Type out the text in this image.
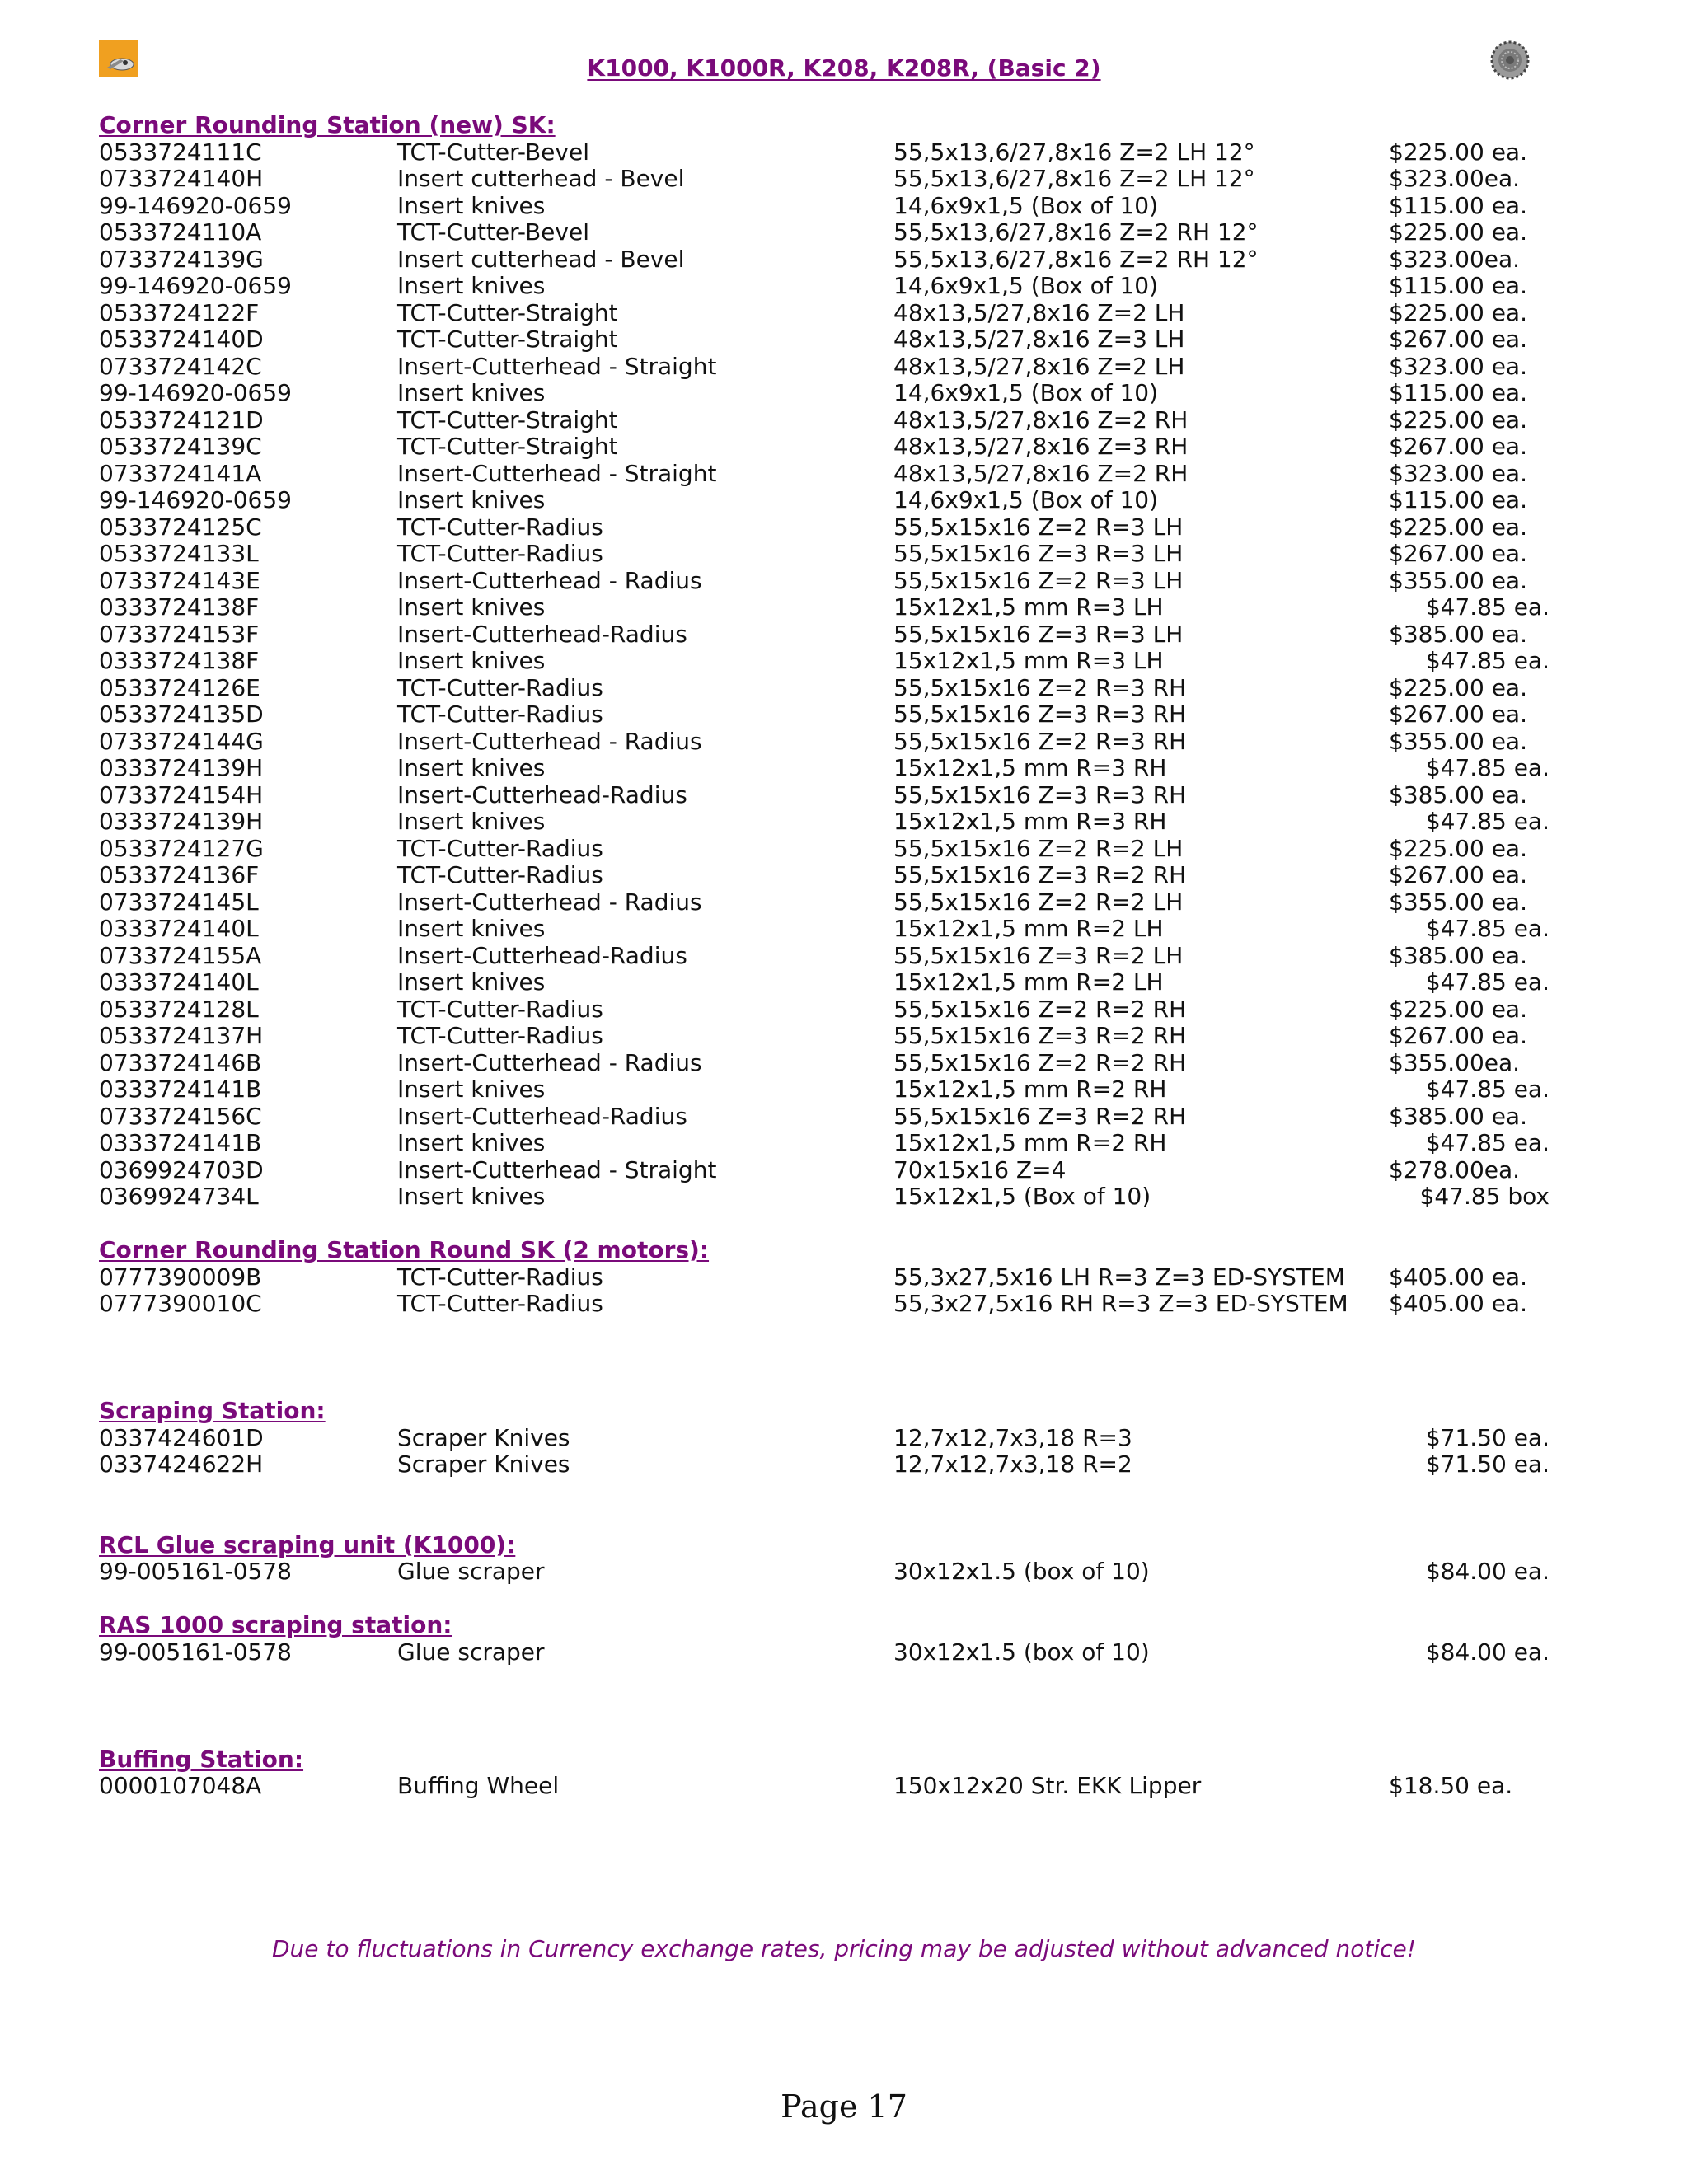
K1000, K1000R, K208, K208R, (Basic 2)
Corner Rounding Station (new) SK:
0533724111C	TCT-Cutter-Bevel	55,5x13,6/27,8x16 Z=2 LH 12°	$225.00 ea.
0733724140H	Insert cutterhead - Bevel	55,5x13,6/27,8x16 Z=2 LH 12°	$323.00ea.
99-146920-0659	Insert knives	14,6x9x1,5 (Box of 10)	$115.00 ea.
0533724110A	TCT-Cutter-Bevel	55,5x13,6/27,8x16 Z=2 RH 12°	$225.00 ea.
0733724139G	Insert cutterhead - Bevel	55,5x13,6/27,8x16 Z=2 RH 12°	$323.00ea.
99-146920-0659	Insert knives	14,6x9x1,5 (Box of 10)	$115.00 ea.
0533724122F	TCT-Cutter-Straight	48x13,5/27,8x16 Z=2 LH	$225.00 ea.
0533724140D	TCT-Cutter-Straight	48x13,5/27,8x16 Z=3 LH	$267.00 ea.
0733724142C	Insert-Cutterhead - Straight	48x13,5/27,8x16 Z=2 LH	$323.00 ea.
99-146920-0659	Insert knives	14,6x9x1,5 (Box of 10)	$115.00 ea.
0533724121D	TCT-Cutter-Straight	48x13,5/27,8x16 Z=2 RH	$225.00 ea.
0533724139C	TCT-Cutter-Straight	48x13,5/27,8x16 Z=3 RH	$267.00 ea.
0733724141A	Insert-Cutterhead - Straight	48x13,5/27,8x16 Z=2 RH	$323.00 ea.
99-146920-0659	Insert knives	14,6x9x1,5 (Box of 10)	$115.00 ea.
0533724125C	TCT-Cutter-Radius	55,5x15x16 Z=2 R=3 LH	$225.00 ea.
0533724133L	TCT-Cutter-Radius	55,5x15x16 Z=3 R=3 LH	$267.00 ea.
0733724143E	Insert-Cutterhead - Radius	55,5x15x16 Z=2 R=3 LH	$355.00 ea.
0333724138F	Insert knives	15x12x1,5 mm R=3 LH	$47.85 ea.
0733724153F	Insert-Cutterhead-Radius	55,5x15x16 Z=3 R=3 LH	$385.00 ea.
0333724138F	Insert knives	15x12x1,5 mm R=3 LH	$47.85 ea.
0533724126E	TCT-Cutter-Radius	55,5x15x16 Z=2 R=3 RH	$225.00 ea.
0533724135D	TCT-Cutter-Radius	55,5x15x16 Z=3 R=3 RH	$267.00 ea.
0733724144G	Insert-Cutterhead - Radius	55,5x15x16 Z=2 R=3 RH	$355.00 ea.
0333724139H	Insert knives	15x12x1,5 mm R=3 RH	$47.85 ea.
0733724154H	Insert-Cutterhead-Radius	55,5x15x16 Z=3 R=3 RH	$385.00 ea.
0333724139H	Insert knives	15x12x1,5 mm R=3 RH	$47.85 ea.
0533724127G	TCT-Cutter-Radius	55,5x15x16 Z=2 R=2 LH	$225.00 ea.
0533724136F	TCT-Cutter-Radius	55,5x15x16 Z=3 R=2 RH	$267.00 ea.
0733724145L	Insert-Cutterhead - Radius	55,5x15x16 Z=2 R=2 LH	$355.00 ea.
0333724140L	Insert knives	15x12x1,5 mm R=2 LH	$47.85 ea.
0733724155A	Insert-Cutterhead-Radius	55,5x15x16 Z=3 R=2 LH	$385.00 ea.
0333724140L	Insert knives	15x12x1,5 mm R=2 LH	$47.85 ea.
0533724128L	TCT-Cutter-Radius	55,5x15x16 Z=2 R=2 RH	$225.00 ea.
0533724137H	TCT-Cutter-Radius	55,5x15x16 Z=3 R=2 RH	$267.00 ea.
0733724146B	Insert-Cutterhead - Radius	55,5x15x16 Z=2 R=2 RH	$355.00ea.
0333724141B	Insert knives	15x12x1,5 mm R=2 RH	$47.85 ea.
0733724156C	Insert-Cutterhead-Radius	55,5x15x16 Z=3 R=2 RH	$385.00 ea.
0333724141B	Insert knives	15x12x1,5 mm R=2 RH	$47.85 ea.
0369924703D	Insert-Cutterhead - Straight	70x15x16 Z=4	$278.00ea.
0369924734L	Insert knives	15x12x1,5 (Box of 10)	$47.85 box
Corner Rounding Station Round SK (2 motors):
0777390009B	TCT-Cutter-Radius	55,3x27,5x16 LH R=3 Z=3 ED-SYSTEM $405.00 ea.
0777390010C	TCT-Cutter-Radius	55,3x27,5x16 RH R=3 Z=3 ED-SYSTEM $405.00 ea.
Scraping Station:
0337424601D	Scraper Knives	12,7x12,7x3,18 R=3	$71.50 ea.
0337424622H	Scraper Knives	12,7x12,7x3,18 R=2	$71.50 ea.
RCL Glue scraping unit (K1000):
99-005161-0578	Glue scraper	30x12x1.5 (box of 10)	$84.00 ea.
RAS 1000 scraping station:
99-005161-0578	Glue scraper	30x12x1.5 (box of 10)	$84.00 ea.
Buffing Station:
0000107048A	Buffing Wheel	150x12x20 Str. EKK Lipper	$18.50 ea.
Due to fluctuations in Currency exchange rates, pricing may be adjusted without advanced notice!
Page 17
